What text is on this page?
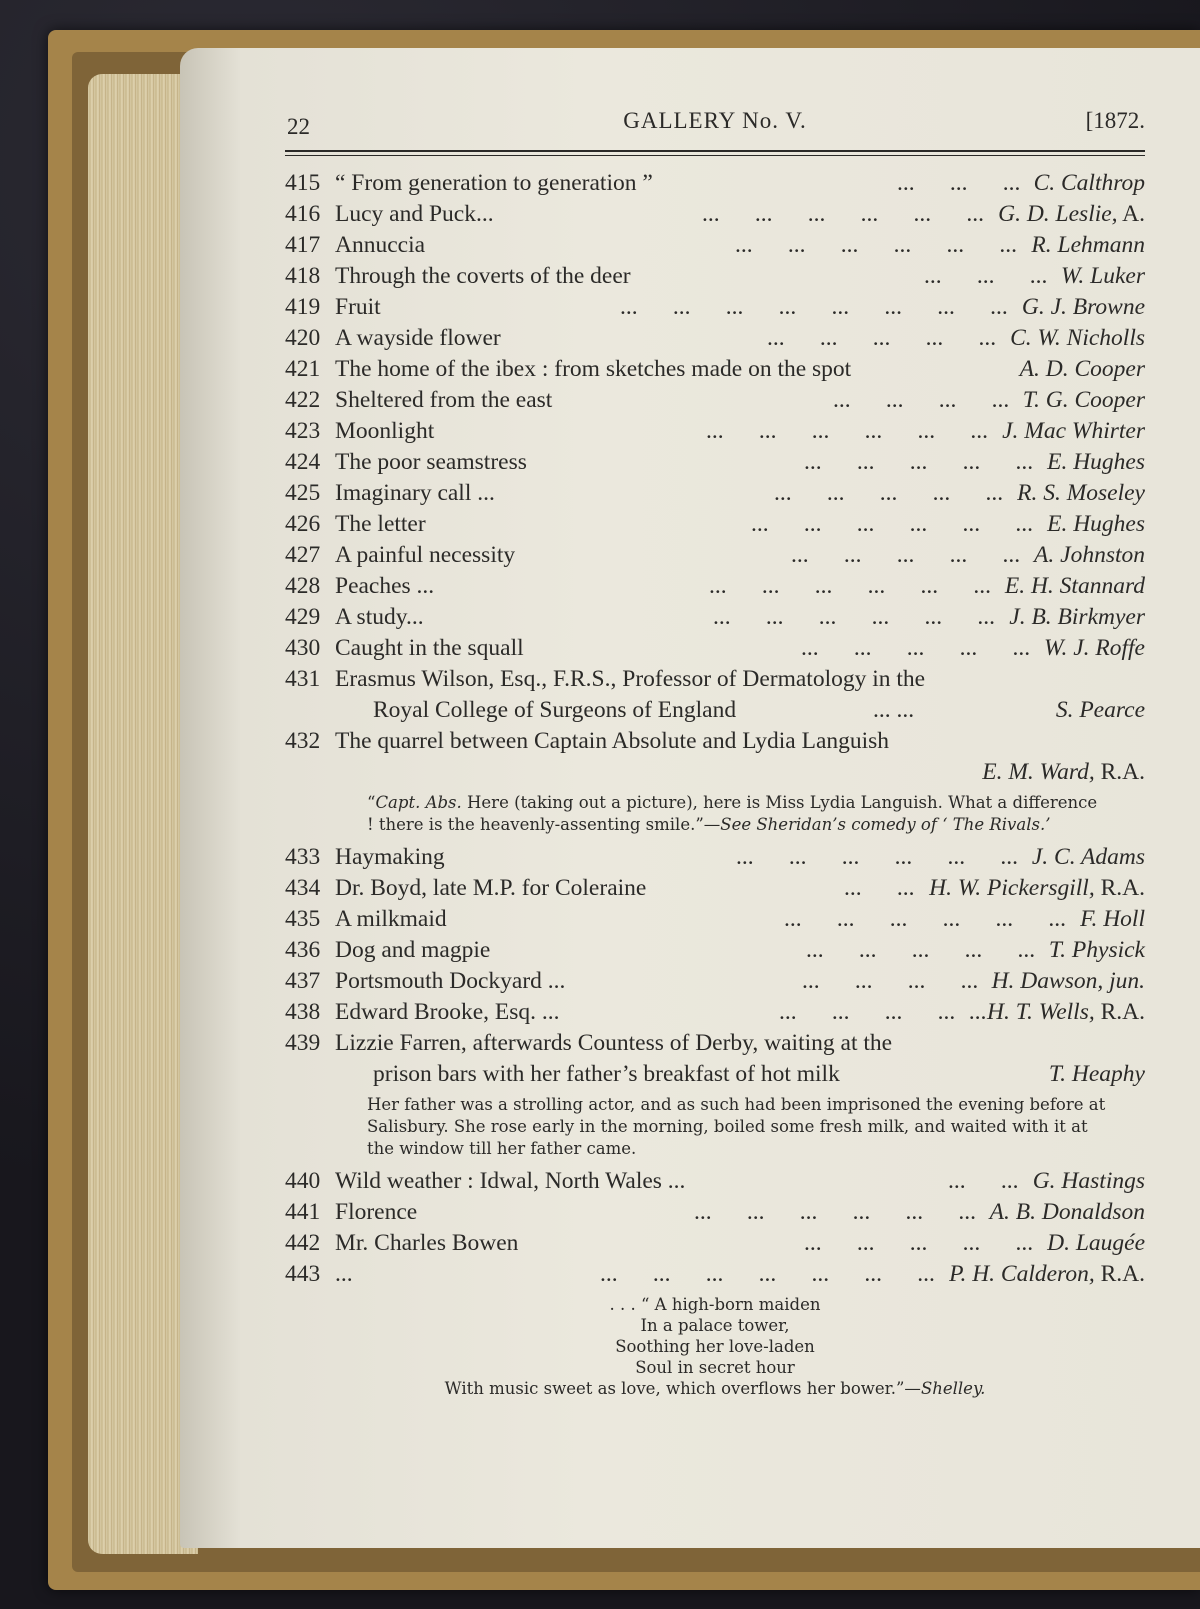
22	GALLERY No. V.	[1872.
415 “ From generation to generation ”	...      ...      ... C. Calthrop
416 Lucy and Puck...	...      ...      ...      ...      ...      ... G. D. Leslie, A.
417 Annuccia	...      ...      ...      ...      ...      ... R. Lehmann
418 Through the coverts of the deer	...      ...      ... W. Luker
419 Fruit	...      ...      ...      ...      ...      ...      ...      ... G. J. Browne
420 A wayside flower	...      ...      ...      ...      ... C. W. Nicholls
421 The home of the ibex : from sketches made on the spot	A. D. Cooper
422 Sheltered from the east	...      ...      ...      ... T. G. Cooper
423 Moonlight	...      ...      ...      ...      ...      ... J. Mac Whirter
424 The poor seamstress	...      ...      ...      ...      ... E. Hughes
425 Imaginary call ...	...      ...      ...      ...      ... R. S. Moseley
426 The letter	...      ...      ...      ...      ...      ... E. Hughes
427 A painful necessity	...      ...      ...      ...      ... A. Johnston
428 Peaches ...	...      ...      ...      ...      ...      ... E. H. Stannard
429 A study...	...      ...      ...      ...      ...      ... J. B. Birkmyer
430 Caught in the squall	...      ...      ...      ...      ... W. J. Roffe
431 Erasmus Wilson, Esq., F.R.S., Professor of Dermatology in the
Royal College of Surgeons of England	... ...	S. Pearce
432 The quarrel between Captain Absolute and Lydia Languish
E. M. Ward, R.A.
“Capt. Abs. Here (taking out a picture), here is Miss Lydia Languish. What a difference ! there is the heavenly-assenting smile.”—See Sheridan’s comedy of ‘ The Rivals.’
433 Haymaking	...      ...      ...      ...      ...      ... J. C. Adams
434 Dr. Boyd, late M.P. for Coleraine	...      ... H. W. Pickersgill, R.A.
435 A milkmaid	...      ...      ...      ...      ...      ... F. Holl
436 Dog and magpie	...      ...      ...      ...      ... T. Physick
437 Portsmouth Dockyard ...	...      ...      ...      ... H. Dawson, jun.
438 Edward Brooke, Esq. ...	...      ...      ...      ... ...H. T. Wells, R.A.
439 Lizzie Farren, afterwards Countess of Derby, waiting at the
prison bars with her father’s breakfast of hot milk	T. Heaphy
Her father was a strolling actor, and as such had been imprisoned the evening before at Salisbury. She rose early in the morning, boiled some fresh milk, and waited with it at the window till her father came.
440 Wild weather : Idwal, North Wales ...	...      ... G. Hastings
441 Florence	...      ...      ...      ...      ...      ... A. B. Donaldson
442 Mr. Charles Bowen	...      ...      ...      ...      ... D. Laugée
443 ...	...      ...      ...      ...      ...      ...      ... P. H. Calderon, R.A.
. . . “ A high-born maiden
In a palace tower,
Soothing her love-laden
Soul in secret hour
With music sweet as love, which overflows her bower.”—Shelley.
